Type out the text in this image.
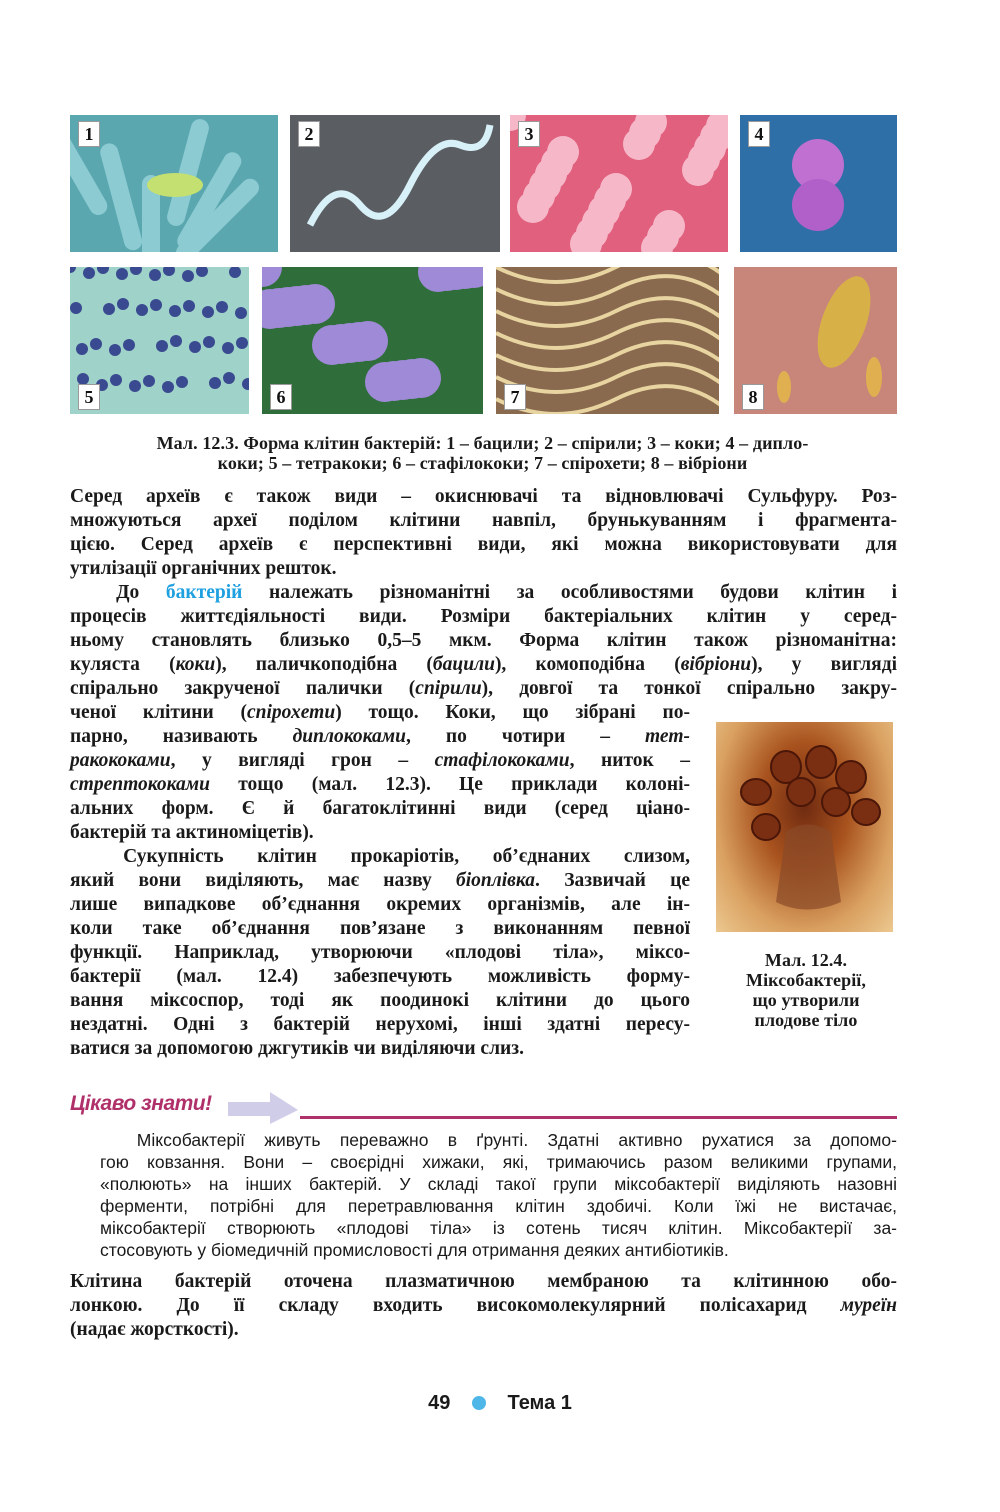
1	2	3	4
5	6	7	8
Мал. 12.3. Форма клітин бактерій: 1 – бацили; 2 – спірили; 3 – коки; 4 – дипло-
коки; 5 – тетракоки; 6 – стафілококи; 7 – спірохети; 8 – вібріони
Серед археїв є також види – окиснювачі та відновлювачі Сульфуру. Роз-
множуються археї поділом клітини навпіл, брунькуванням і фрагмента-
цією. Серед археїв є перспективні види, які можна використовувати для
утилізації органічних решток.
  До бактерій належать різноманітні за особливостями будови клітин і
процесів життєдіяльності види. Розміри бактеріальних клітин у серед-
ньому становлять близько 0,5–5 мкм. Форма клітин також різноманітна:
куляста (коки), паличкоподібна (бацили), комоподібна (вібріони), у вигляді
спірально закрученої палички (спірили), довгої та тонкої спірально закру-
ченої клітини (спірохети) тощо. Коки, що зібрані по-
парно, називають диплококами, по чотири – тет-
ракококами, у вигляді грон – стафілококами, ниток –
стрептококами тощо (мал. 12.3). Це приклади колоні-
альних форм. Є й багатоклітинні види (серед ціано-
бактерій та актиноміцетів).
  Сукупність клітин прокаріотів, об’єднаних слизом,
який вони виділяють, має назву біоплівка. Зазвичай це
лише випадкове об’єднання окремих організмів, але ін-
коли таке об’єднання пов’язане з виконанням певної
функції. Наприклад, утворюючи «плодові тіла», міксо-
бактерії (мал. 12.4) забезпечують можливість форму-
вання міксоспор, тоді як поодинокі клітини до цього
нездатні. Одні з бактерій нерухомі, інші здатні пересу-
ватися за допомогою джгутиків чи виділяючи слиз.
Мал. 12.4.
Міксобактерії,
що утворили
плодове тіло
Цікаво знати!
  Міксобактерії живуть переважно в ґрунті. Здатні активно рухатися за допомо-
гою ковзання. Вони – своєрідні хижаки, які, тримаючись разом великими групами,
«полюють» на інших бактерій. У складі такої групи міксобактерії виділяють назовні
ферменти, потрібні для перетравлювання клітин здобичі. Коли їжі не вистачає,
міксобактерії створюють «плодові тіла» із сотень тисяч клітин. Міксобактерії за-
стосовують у біомедичній промисловості для отримання деяких антибіотиків.
Клітина бактерій оточена плазматичною мембраною та клітинною обо-
лонкою. До її складу входить високомолекулярний полісахарид муреїн
(надає жорсткості).
49	Тема 1
